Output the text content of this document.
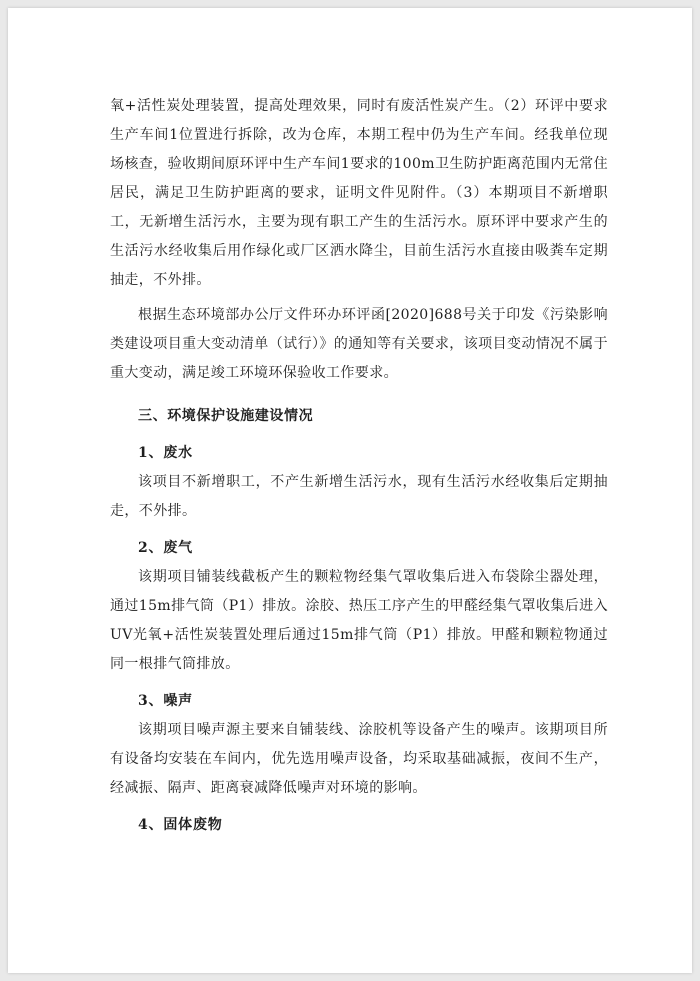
氧+活性炭处理装置，提高处理效果，同时有废活性炭产生。（2）环评中要求生产车间1位置进行拆除，改为仓库，本期工程中仍为生产车间。经我单位现场核查，验收期间原环评中生产车间1要求的100m卫生防护距离范围内无常住居民，满足卫生防护距离的要求，证明文件见附件。（3）本期项目不新增职工，无新增生活污水，主要为现有职工产生的生活污水。原环评中要求产生的生活污水经收集后用作绿化或厂区洒水降尘，目前生活污水直接由吸粪车定期抽走，不外排。

根据生态环境部办公厅文件环办环评函[2020]688号关于印发《污染影响类建设项目重大变动清单（试行）》的通知等有关要求，该项目变动情况不属于重大变动，满足竣工环境环保验收工作要求。

三、环境保护设施建设情况
1、废水

该项目不新增职工，不产生新增生活污水，现有生活污水经收集后定期抽走，不外排。

2、废气

该期项目铺装线截板产生的颗粒物经集气罩收集后进入布袋除尘器处理，通过15m排气筒（P1）排放。涂胶、热压工序产生的甲醛经集气罩收集后进入UV光氧+活性炭装置处理后通过15m排气筒（P1）排放。甲醛和颗粒物通过同一根排气筒排放。

3、噪声

该期项目噪声源主要来自铺装线、涂胶机等设备产生的噪声。该期项目所有设备均安装在车间内，优先选用噪声设备，均采取基础减振，夜间不生产，经减振、隔声、距离衰减降低噪声对环境的影响。

4、固体废物
